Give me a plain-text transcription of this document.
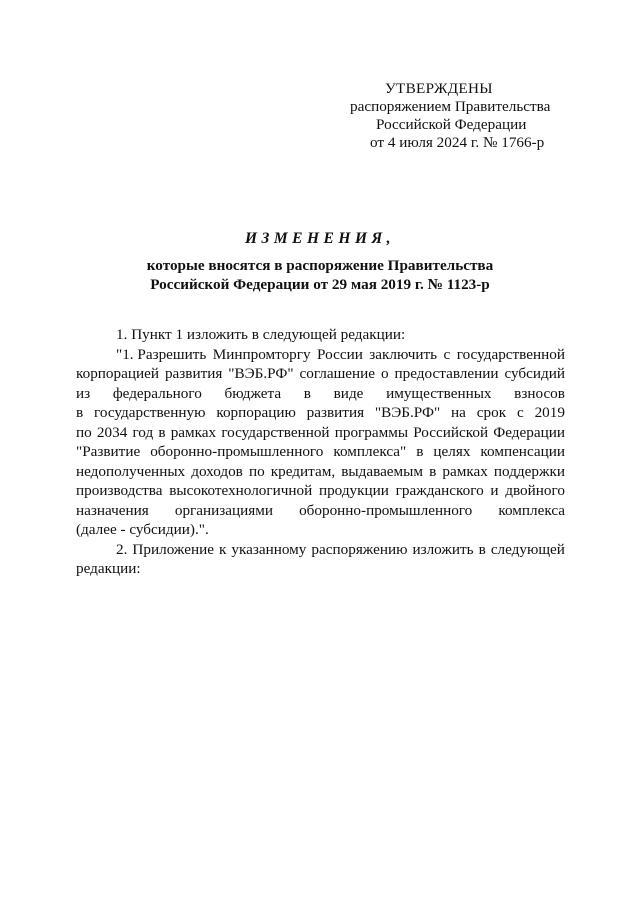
УТВЕРЖДЕНЫ
распоряжением Правительства
Российской Федерации
от 4 июля 2024 г. № 1766-р
ИЗМЕНЕНИЯ,
которые вносятся в распоряжение Правительства
Российской Федерации от 29 мая 2019 г. № 1123-р
1. Пункт 1 изложить в следующей редакции:
"1. Разрешить Минпромторгу России заключить с государственной
корпорацией развития "ВЭБ.РФ" соглашение о предоставлении субсидий
из федерального бюджета в виде имущественных взносов
в государственную корпорацию развития "ВЭБ.РФ" на срок с 2019
по 2034 год в рамках государственной программы Российской Федерации
"Развитие оборонно-промышленного комплекса" в целях компенсации
недополученных доходов по кредитам, выдаваемым в рамках поддержки
производства высокотехнологичной продукции гражданского и двойного
назначения организациями оборонно-промышленного комплекса
(далее - субсидии).".
2. Приложение к указанному распоряжению изложить в следующей
редакции:
